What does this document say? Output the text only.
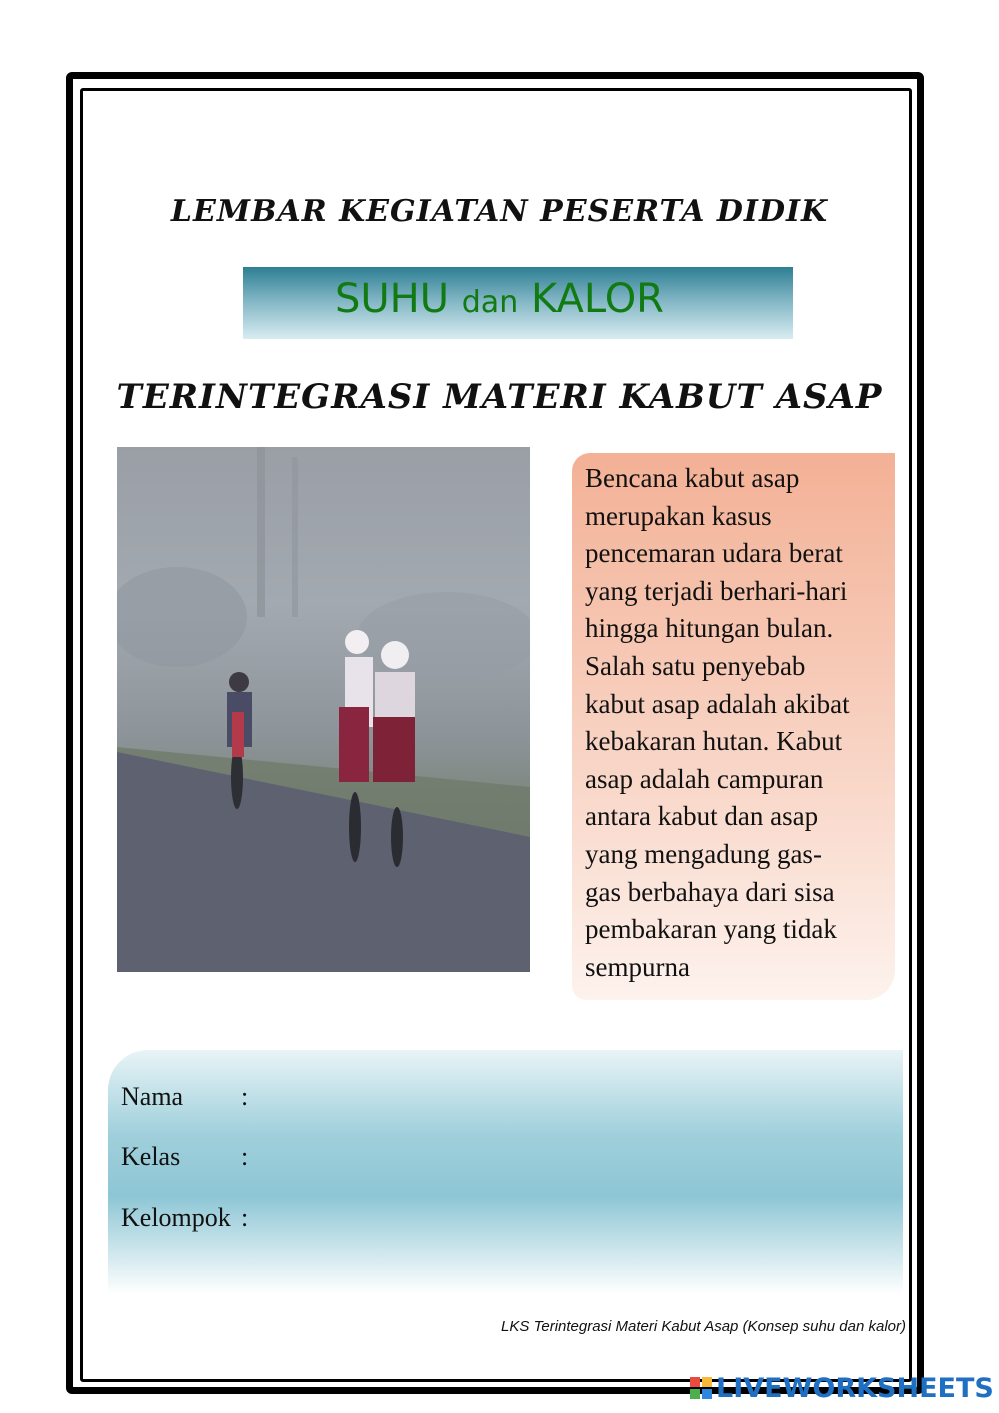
LEMBAR KEGIATAN PESERTA DIDIK
SUHU dan KALOR
TERINTEGRASI MATERI KABUT ASAP
Bencana kabut asap
merupakan kasus
pencemaran udara berat
yang terjadi berhari-hari
hingga hitungan bulan.
Salah satu penyebab
kabut asap adalah akibat
kebakaran hutan. Kabut
asap adalah campuran
antara kabut dan asap
yang mengadung gas-
gas berbahaya dari sisa
pembakaran yang tidak
sempurna
Nama :
Kelas :
Kelompok :
LKS Terintegrasi Materi Kabut Asap (Konsep suhu dan kalor)
LIVEWORKSHEETS
